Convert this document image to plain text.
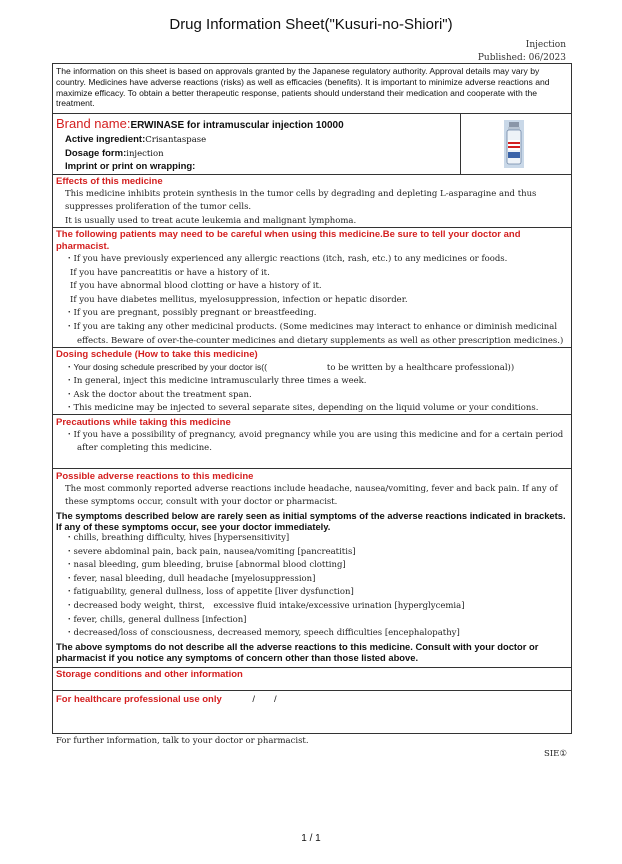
Drug Information Sheet("Kusuri-no-Shiori")
Injection
Published: 06/2023
The information on this sheet is based on approvals granted by the Japanese regulatory authority. Approval details may vary by country. Medicines have adverse reactions (risks) as well as efficacies (benefits). It is important to minimize adverse reactions and maximize efficacy. To obtain a better therapeutic response, patients should understand their medication and cooperate with the treatment.
Brand name:ERWINASE for intramuscular injection 10000
Active ingredient:Crisantaspase
Dosage form:injection
Imprint or print on wrapping:
Effects of this medicine
This medicine inhibits protein synthesis in the tumor cells by degrading and depleting L-asparagine and thus
suppresses proliferation of the tumor cells.
It is usually used to treat acute leukemia and malignant lymphoma.
The following patients may need to be careful when using this medicine.Be sure to tell your doctor and pharmacist.
・If you have previously experienced any allergic reactions (itch, rash, etc.) to any medicines or foods.
If you have pancreatitis or have a history of it.
If you have abnormal blood clotting or have a history of it.
If you have diabetes mellitus, myelosuppression, infection or hepatic disorder.
・If you are pregnant, possibly pregnant or breastfeeding.
・If you are taking any other medicinal products. (Some medicines may interact to enhance or diminish medicinal
effects. Beware of over-the-counter medicines and dietary supplements as well as other prescription medicines.)
Dosing schedule (How to take this medicine)
・Your dosing schedule prescribed by your doctor is((	to be written by a healthcare professional))
・In general, inject this medicine intramuscularly three times a week.
・Ask the doctor about the treatment span.
・This medicine may be injected to several separate sites, depending on the liquid volume or your conditions.
Precautions while taking this medicine
・If you have a possibility of pregnancy, avoid pregnancy while you are using this medicine and for a certain period
after completing this medicine.
Possible adverse reactions to this medicine
The most commonly reported adverse reactions include headache, nausea/vomiting, fever and back pain. If any of
these symptoms occur, consult with your doctor or pharmacist.
The symptoms described below are rarely seen as initial symptoms of the adverse reactions indicated in brackets. If any of these symptoms occur, see your doctor immediately.
・chills, breathing difficulty, hives [hypersensitivity]
・severe abdominal pain, back pain, nausea/vomiting [pancreatitis]
・nasal bleeding, gum bleeding, bruise [abnormal blood clotting]
・fever, nasal bleeding, dull headache [myelosuppression]
・fatiguability, general dullness, loss of appetite [liver dysfunction]
・decreased body weight, thirst,　excessive fluid intake/excessive urination [hyperglycemia]
・fever, chills, general dullness [infection]
・decreased/loss of consciousness, decreased memory, speech difficulties [encephalopathy]
The above symptoms do not describe all the adverse reactions to this medicine. Consult with your doctor or pharmacist if you notice any symptoms of concern other than those listed above.
Storage conditions and other information
For healthcare professional use only	/　　/
For further information, talk to your doctor or pharmacist.
SIE①
1 / 1
